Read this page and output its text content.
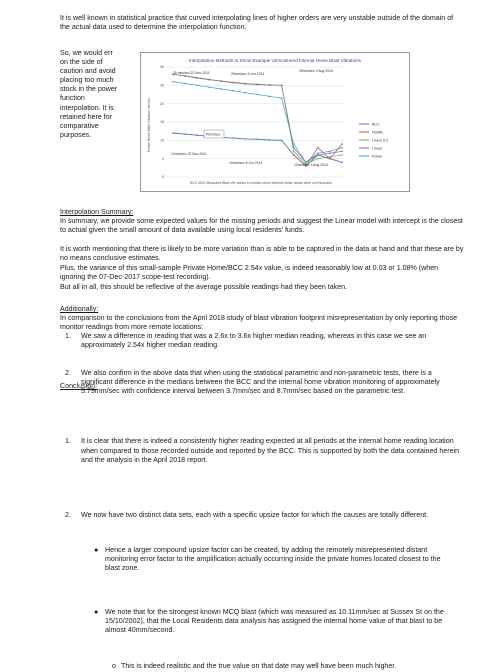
It is well known in statistical practice that curved interpolating lines of higher orders are very unstable outside of the domain of the actual data used to determine the interpolation function.

So, we would err
on the side of
caution and avoid
placing too much
stock in the power
function
interpolation. It is
retained here for
comparative
purposes.
Interpolation Methods to Show Example Unmonitored Internal Home Blast Vibrations
Private Home Blast Vibration mm/sec
BCC MOD Measured Blast Vib Values in mm/sec when Internal Home Values were not Recorded
30
25
20
15
10
5
0
28 mm/sec 22 Nov 2011	25mm/sec 5 Jun 2014
25mm/sec 3 Aug 2016
12mm/sec 22 Nov 2011
10mm/sec 5 Jun 2014	10mm/sec 3 Aug 2016
Plot Area
BCC
HOME
Linear (C)
Linear
Power

Interpolation Summary:

In summary, we provide some expected values for the missing periods and suggest the Linear model with intercept is the closest to actual given the small amount of data available using local residents' funds.

It is worth mentioning that there is likely to be more variation than is able to be captured in the data at hand and that these are by no means conclusive estimates.

Plus, the variance of this small-sample Private Home/BCC 2.54x value, is indeed reasonably low at 0.03 or 1.08% (when ignoring the 07-Dec-2017 scope-test recording).

But all in all, this should be reflective of the average possible readings had they been taken.

Additionally:

In comparison to the conclusions from the April 2018 study of blast vibration footprint misrepresentation by only reporting those monitor readings from more remote locations:

1. We saw a difference in reading that was a 2.6x to 3.6x higher median reading, whereas in this case we see an approximately 2.54x higher median reading.
2. We also confirm in the above data that when using the statistical parametric and non-parametric tests, there is a significant difference in the medians between the BCC and the internal home vibration monitoring of approximately 5.79mm/sec with confidence interval between 3.7mm/sec and 8.7mm/sec based on the parametric test.

Conclusion:

1. It is clear that there is indeed a consistently higher reading expected at all periods at the internal home reading location when compared to those recorded outside and reported by the BCC. This is supported by both the data contained herein and the analysis in the April 2018 report.
2. We now have two distinct data sets, each with a specific upsize factor for which the causes are totally different.
● Hence a larger compound upsize factor can be created, by adding the remotely misrepresented distant monitoring error factor to the amplification actually occurring inside the private homes located closest to the blast zone.
● We note that for the strongest known MCQ blast (which was measured as 10.11mm/sec at Sussex St on the 15/10/2002), that the Local Residents data analysis has assigned the internal home value of that blast to be almost 40mm/second.
o This is indeed realistic and the true value on that date may well have been much higher.
